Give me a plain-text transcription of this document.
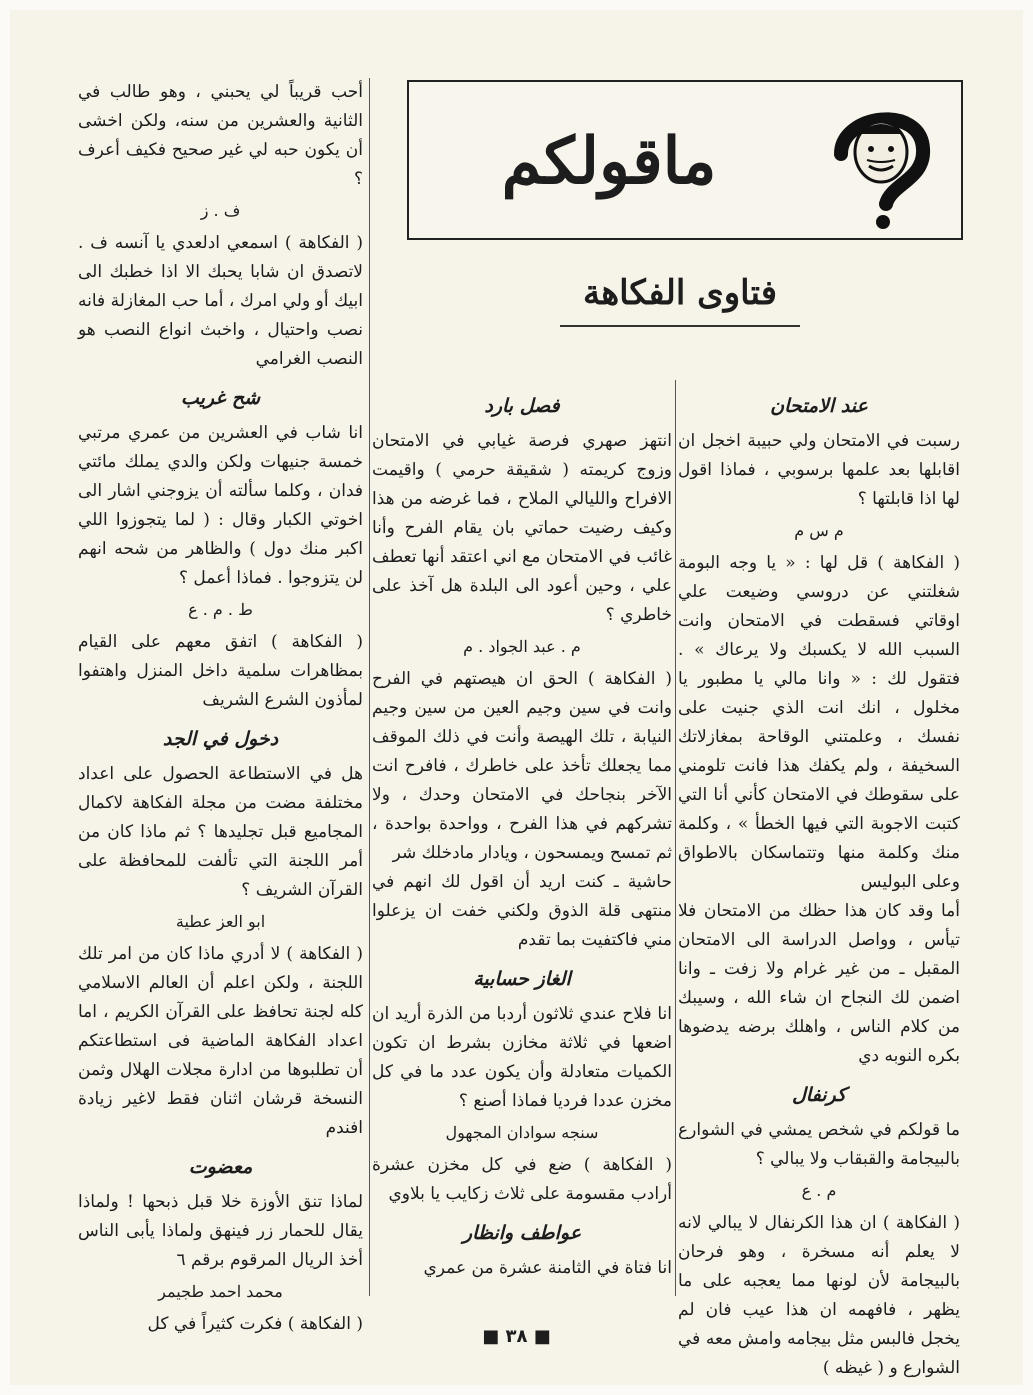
ماقولكم
فتاوى الفكاهة
عند الامتحان

رسبت في الامتحان ولي حبيبة اخجل ان اقابلها بعد علمها برسوبي ، فماذا اقول لها اذا قابلتها ؟

م س م

( الفكاهة ) قل لها : « يا وجه البومة شغلتني عن دروسي وضيعت علي اوقاتي فسقطت في الامتحان وانت السبب الله لا يكسبك ولا يرعاك » . فتقول لك : « وانا مالي يا مطبور يا مخلول ، انك انت الذي جنيت على نفسك ، وعلمتني الوقاحة بمغازلاتك السخيفة ، ولم يكفك هذا فانت تلومني على سقوطك في الامتحان كأني أنا التي كتبت الاجوبة التي فيها الخطأ » ، وكلمة منك وكلمة منها وتتماسكان بالاطواق وعلى البوليس

أما وقد كان هذا حظك من الامتحان فلا تيأس ، وواصل الدراسة الى الامتحان المقبل ـ من غير غرام ولا زفت ـ وانا اضمن لك النجاح ان شاء الله ، وسيبك من كلام الناس ، واهلك برضه يدضوها بكره النوبه دي

كرنفال

ما قولكم في شخص يمشي في الشوارع بالبيجامة والقبقاب ولا يبالي ؟

م . ع

( الفكاهة ) ان هذا الكرنفال لا يبالي لانه لا يعلم أنه مسخرة ، وهو فرحان بالبيجامة لأن لونها مما يعجبه على ما يظهر ، فافهمه ان هذا عيب فان لم يخجل فالبس مثل بيجامه وامش معه في الشوارع و ( غيظه )

فصل بارد

انتهز صهري فرصة غيابي في الامتحان وزوج كريمته ( شقيقة حرمي ) واقيمت الافراح والليالي الملاح ، فما غرضه من هذا وكيف رضيت حماتي بان يقام الفرح وأنا غائب في الامتحان مع اني اعتقد أنها تعطف علي ، وحين أعود الى البلدة هل آخذ على خاطري ؟

م . عبد الجواد . م

( الفكاهة ) الحق ان هيصتهم في الفرح وانت في سين وجيم العين من سين وجيم النيابة ، تلك الهيصة وأنت في ذلك الموقف مما يجعلك تأخذ على خاطرك ، فافرح انت الآخر بنجاحك في الامتحان وحدك ، ولا تشركهم في هذا الفرح ، وواحدة بواحدة ، ثم تمسح ويمسحون ، ويادار مادخلك شر

حاشية ـ كنت اريد أن اقول لك انهم في منتهى قلة الذوق ولكني خفت ان يزعلوا مني فاكتفيت بما تقدم

الغاز حسابية

انا فلاح عندي ثلاثون أردبا من الذرة أريد ان اضعها في ثلاثة مخازن بشرط ان تكون الكميات متعادلة وأن يكون عدد ما في كل مخزن عددا فرديا فماذا أصنع ؟

سنجه سوادان المجهول

( الفكاهة ) ضع في كل مخزن عشرة أرادب مقسومة على ثلاث زكايب يا بلاوي

عواطف وانظار

انا فتاة في الثامنة عشرة من عمري

أحب قريباً لي يحبني ، وهو طالب في الثانية والعشرين من سنه، ولكن اخشى أن يكون حبه لي غير صحيح فكيف أعرف ؟

ف . ز

( الفكاهة ) اسمعي ادلعدي يا آنسه ف . لاتصدق ان شابا يحبك الا اذا خطبك الى ابيك أو ولي امرك ، أما حب المغازلة فانه نصب واحتيال ، واخبث انواع النصب هو النصب الغرامي

شح غريب

انا شاب في العشرين من عمري مرتبي خمسة جنيهات ولكن والدي يملك مائتي فدان ، وكلما سألته أن يزوجني اشار الى اخوتي الكبار وقال : ( لما يتجوزوا اللي اكبر منك دول ) والظاهر من شحه انهم لن يتزوجوا . فماذا أعمل ؟

ط . م . ع

( الفكاهة ) اتفق معهم على القيام بمظاهرات سلمية داخل المنزل واهتفوا لمأذون الشرع الشريف

دخول في الجد

هل في الاستطاعة الحصول على اعداد مختلفة مضت من مجلة الفكاهة لاكمال المجاميع قبل تجليدها ؟ ثم ماذا كان من أمر اللجنة التي تألفت للمحافظة على القرآن الشريف ؟

ابو العز عطية

( الفكاهة ) لا أدري ماذا كان من امر تلك اللجنة ، ولكن اعلم أن العالم الاسلامي كله لجنة تحافظ على القرآن الكريم ، اما اعداد الفكاهة الماضية فى استطاعتكم أن تطلبوها من ادارة مجلات الهلال وثمن النسخة قرشان اثنان فقط لاغير زيادة افندم

معضوت

لماذا تنق الأوزة خلا قبل ذبحها ! ولماذا يقال للحمار زر فينهق ولماذا يأبى الناس أخذ الريال المرقوم برقم ٦

محمد احمد طجيمر

( الفكاهة ) فكرت كثيراً في كل

■ ٣٨ ■
